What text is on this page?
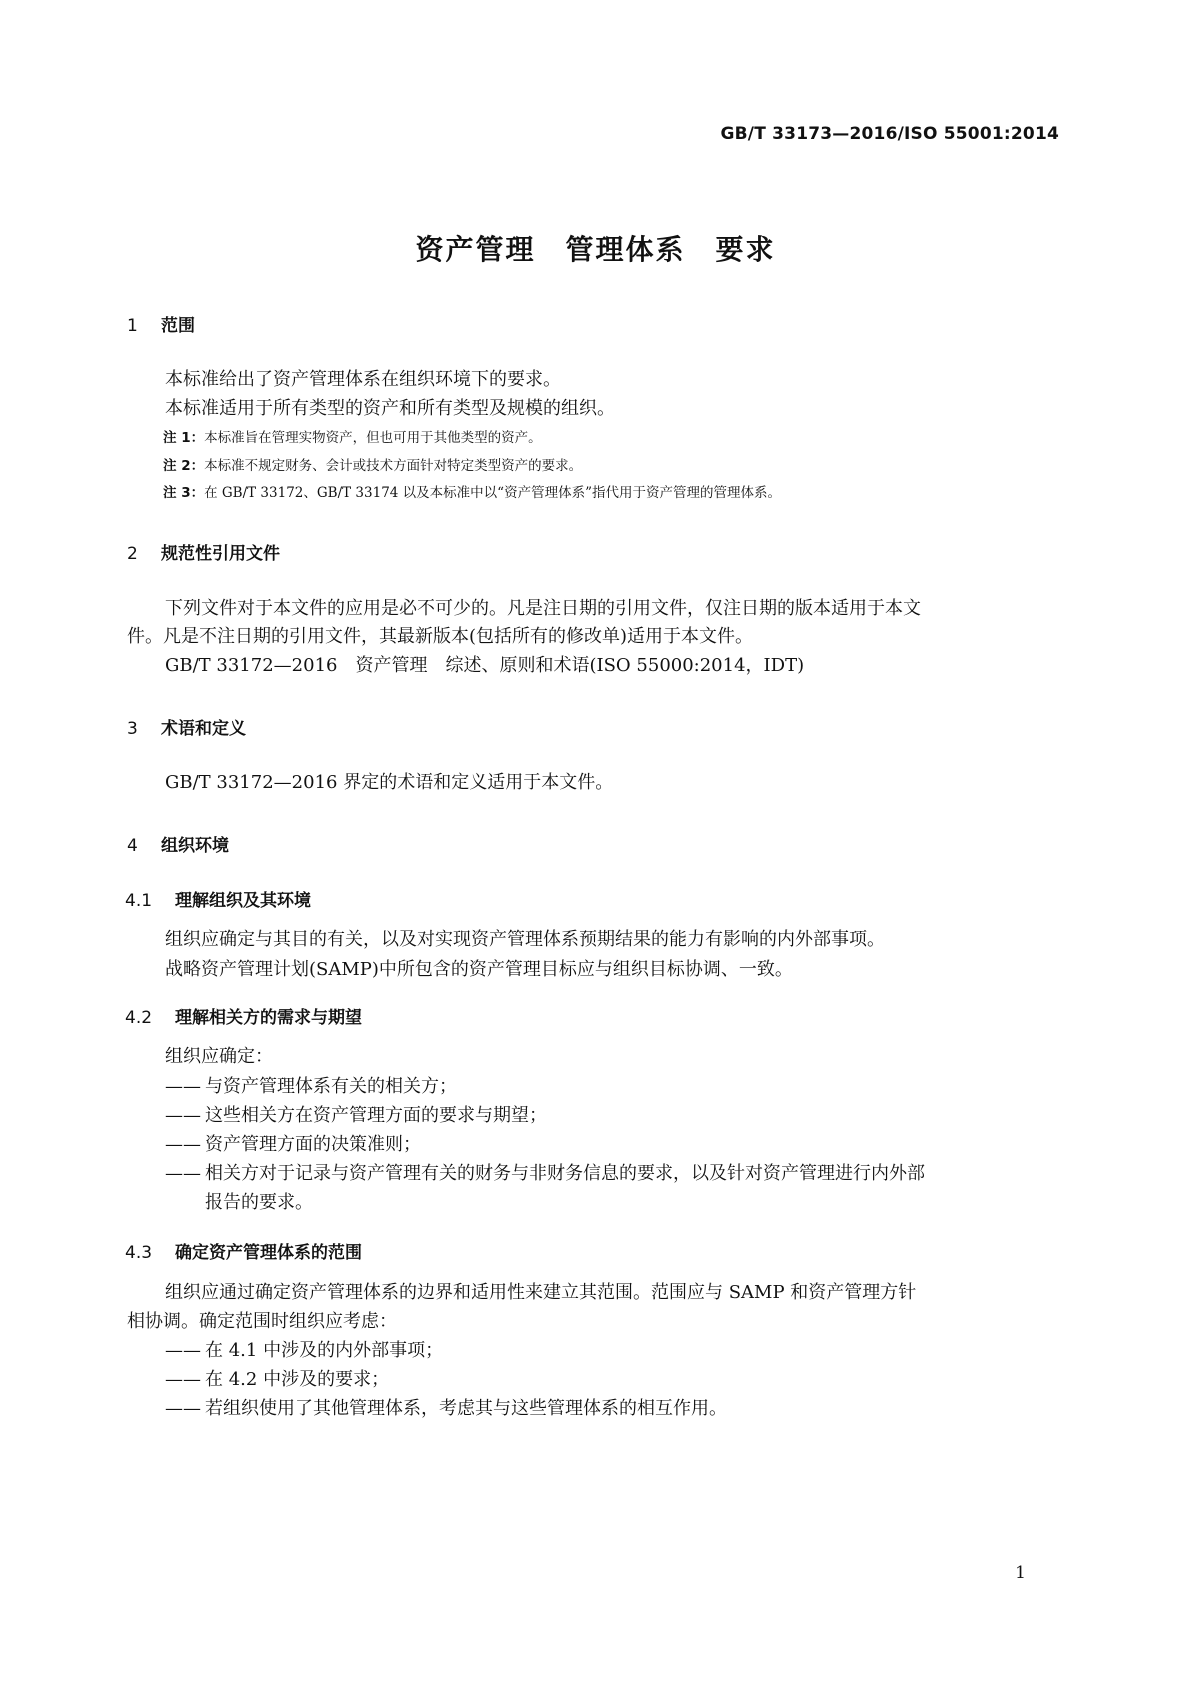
GB/T 33173—2016/ISO 55001:2014
资产管理　管理体系　要求
1 范围
本标准给出了资产管理体系在组织环境下的要求。
本标准适用于所有类型的资产和所有类型及规模的组织。
注 1：本标准旨在管理实物资产，但也可用于其他类型的资产。
注 2：本标准不规定财务、会计或技术方面针对特定类型资产的要求。
注 3：在 GB/T 33172、GB/T 33174 以及本标准中以“资产管理体系”指代用于资产管理的管理体系。
2 规范性引用文件
下列文件对于本文件的应用是必不可少的。凡是注日期的引用文件，仅注日期的版本适用于本文
件。凡是不注日期的引用文件，其最新版本(包括所有的修改单)适用于本文件。
GB/T 33172—2016　资产管理　综述、原则和术语(ISO 55000:2014，IDT)
3 术语和定义
GB/T 33172—2016 界定的术语和定义适用于本文件。
4 组织环境
4.1 理解组织及其环境
组织应确定与其目的有关，以及对实现资产管理体系预期结果的能力有影响的内外部事项。
战略资产管理计划(SAMP)中所包含的资产管理目标应与组织目标协调、一致。
4.2 理解相关方的需求与期望
组织应确定：
—— 与资产管理体系有关的相关方；
—— 这些相关方在资产管理方面的要求与期望；
—— 资产管理方面的决策准则；
—— 相关方对于记录与资产管理有关的财务与非财务信息的要求，以及针对资产管理进行内外部
报告的要求。
4.3 确定资产管理体系的范围
组织应通过确定资产管理体系的边界和适用性来建立其范围。范围应与 SAMP 和资产管理方针
相协调。确定范围时组织应考虑：
—— 在 4.1 中涉及的内外部事项；
—— 在 4.2 中涉及的要求；
—— 若组织使用了其他管理体系，考虑其与这些管理体系的相互作用。
1
